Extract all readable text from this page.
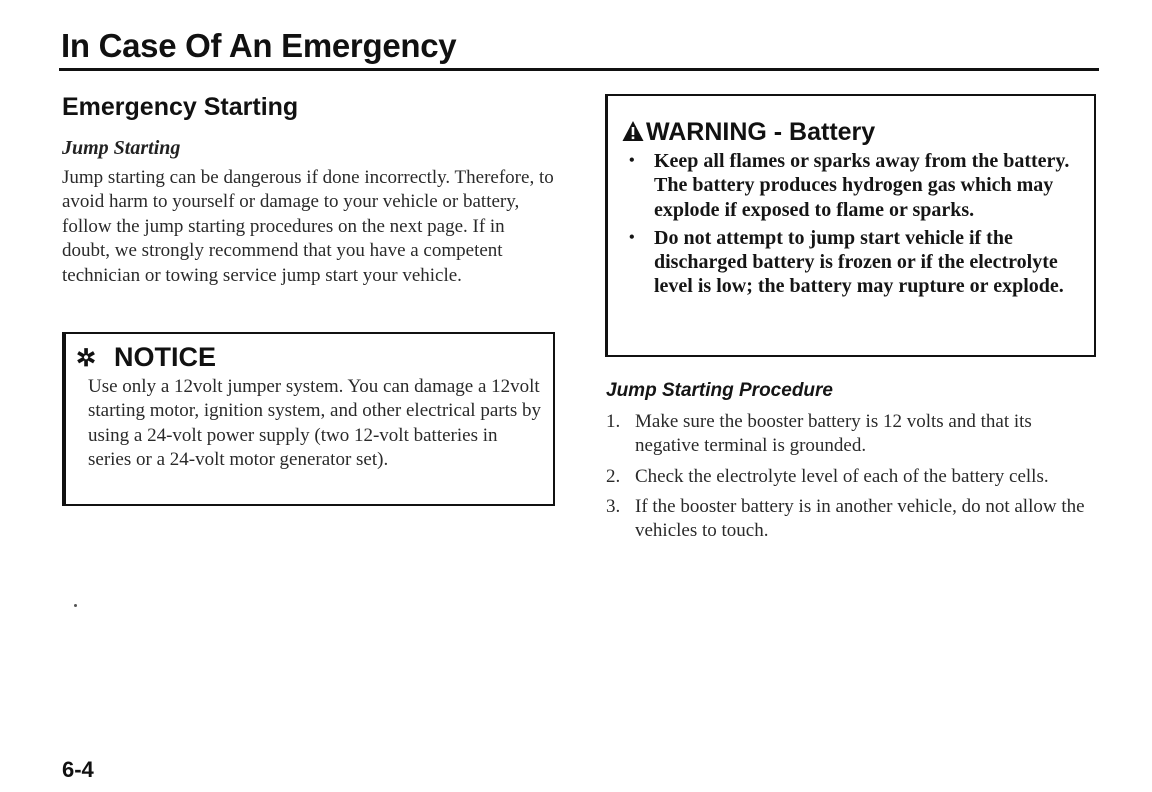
In Case Of An Emergency
Emergency Starting
Jump Starting

Jump starting can be dangerous if done incorrectly. Therefore, to avoid harm to yourself or damage to your vehicle or battery, follow the jump starting procedures on the next page. If in doubt, we strongly recommend that you have a competent technician or towing service jump start your vehicle.

✲ NOTICE

Use only a 12volt jumper system. You can damage a 12volt starting motor, ignition system, and other electrical parts by using a 24-volt power supply (two 12-volt batteries in series or a 24-volt motor generator set).

WARNING - Battery
• Keep all flames or sparks away from the battery. The battery produces hydrogen gas which may explode if exposed to flame or sparks.
• Do not attempt to jump start vehicle if the discharged battery is frozen or if the electrolyte level is low; the battery may rupture or explode.
Jump Starting Procedure
1. Make sure the booster battery is 12 volts and that its negative terminal is grounded.
2. Check the electrolyte level of each of the battery cells.
3. If the booster battery is in another vehicle, do not allow the vehicles to touch.
6-4
